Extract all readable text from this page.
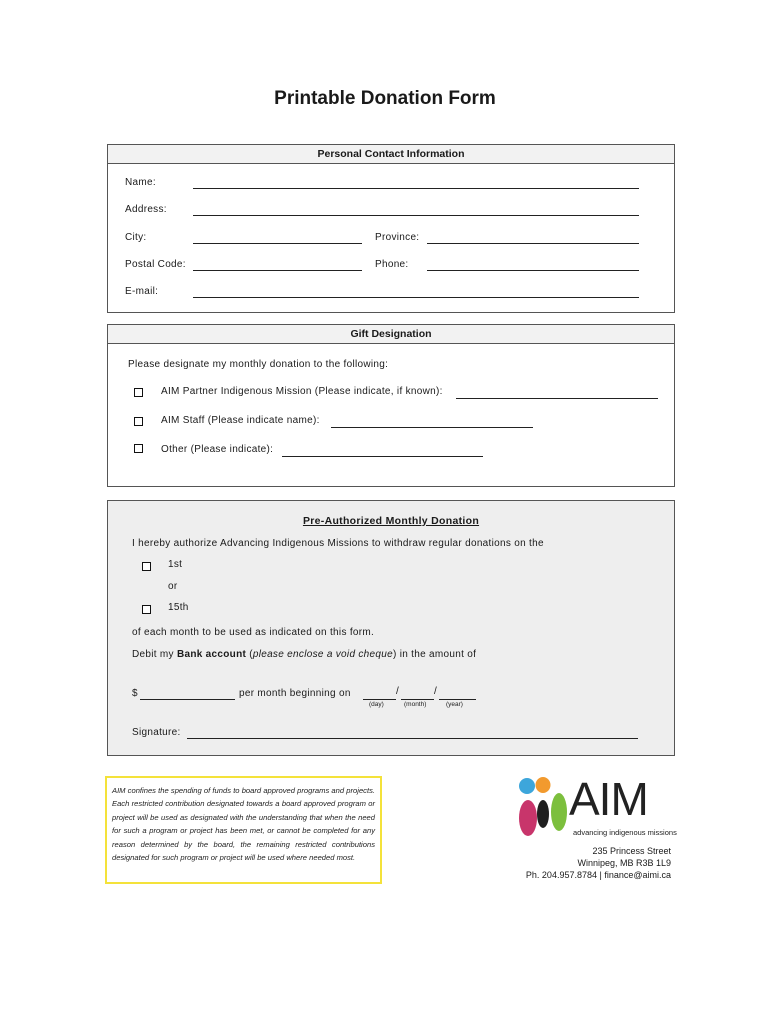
Printable Donation Form
Personal Contact Information
Name:
Address:
City:	Province:
Postal Code:	Phone:
E-mail:
Gift Designation
Please designate my monthly donation to the following:
AIM Partner Indigenous Mission (Please indicate, if known):
AIM Staff (Please indicate name):
Other (Please indicate):
Pre-Authorized Monthly Donation
I hereby authorize Advancing Indigenous Missions to withdraw regular donations on the
1st
or
15th
of each month to be used as indicated on this form.
Debit my Bank account (please enclose a void cheque) in the amount of
$	per month beginning on	/	/
(day)	(month)	(year)
Signature:
AIM confines the spending of funds to board approved programs and projects. Each restricted contribution designated towards a board approved program or project will be used as designated with the understanding that when the need for such a program or project has been met, or cannot be completed for any reason determined by the board, the remaining restricted contributions designated for such program or project will be used where needed most.
AIM
advancing indigenous missions
235 Princess Street
Winnipeg, MB R3B 1L9
Ph. 204.957.8784 | finance@aimi.ca
